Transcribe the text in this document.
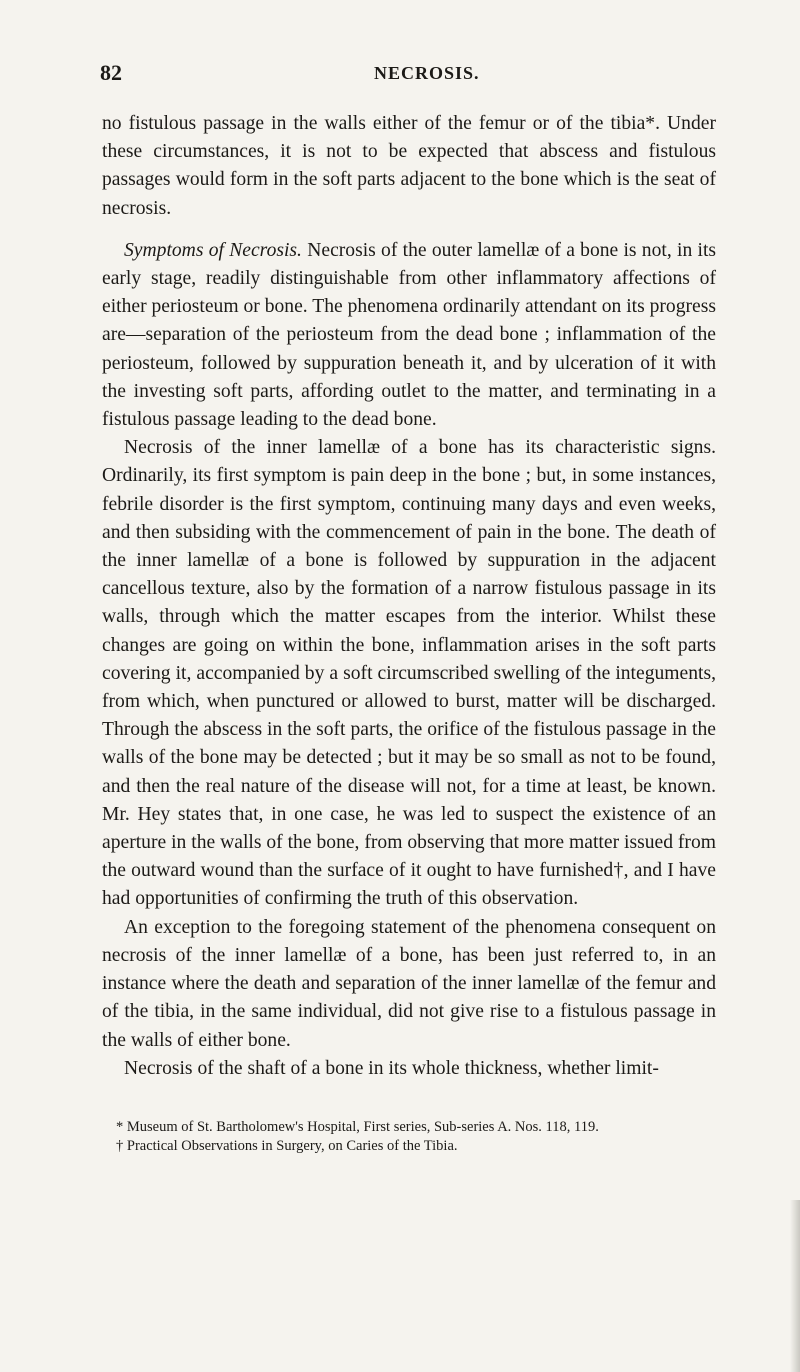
82	NECROSIS.

no fistulous passage in the walls either of the femur or of the tibia*. Under these circumstances, it is not to be expected that abscess and fistulous passages would form in the soft parts adjacent to the bone which is the seat of necrosis.

Symptoms of Necrosis. Necrosis of the outer lamellæ of a bone is not, in its early stage, readily distinguishable from other inflammatory affections of either periosteum or bone. The phenomena ordinarily attendant on its progress are—separation of the periosteum from the dead bone ; inflammation of the periosteum, followed by suppuration beneath it, and by ulceration of it with the investing soft parts, affording outlet to the matter, and terminating in a fistulous passage leading to the dead bone.

Necrosis of the inner lamellæ of a bone has its characteristic signs. Ordinarily, its first symptom is pain deep in the bone ; but, in some instances, febrile disorder is the first symptom, continuing many days and even weeks, and then subsiding with the commencement of pain in the bone. The death of the inner lamellæ of a bone is followed by suppuration in the adjacent cancellous texture, also by the formation of a narrow fistulous passage in its walls, through which the matter escapes from the interior. Whilst these changes are going on within the bone, inflammation arises in the soft parts covering it, accompanied by a soft circumscribed swelling of the integuments, from which, when punctured or allowed to burst, matter will be discharged. Through the abscess in the soft parts, the orifice of the fistulous passage in the walls of the bone may be detected ; but it may be so small as not to be found, and then the real nature of the disease will not, for a time at least, be known. Mr. Hey states that, in one case, he was led to suspect the existence of an aperture in the walls of the bone, from observing that more matter issued from the outward wound than the surface of it ought to have furnished†, and I have had opportunities of confirming the truth of this observation.

An exception to the foregoing statement of the phenomena consequent on necrosis of the inner lamellæ of a bone, has been just referred to, in an instance where the death and separation of the inner lamellæ of the femur and of the tibia, in the same individual, did not give rise to a fistulous passage in the walls of either bone.

Necrosis of the shaft of a bone in its whole thickness, whether limit-

* Museum of St. Bartholomew's Hospital, First series, Sub-series A. Nos. 118, 119.

† Practical Observations in Surgery, on Caries of the Tibia.
